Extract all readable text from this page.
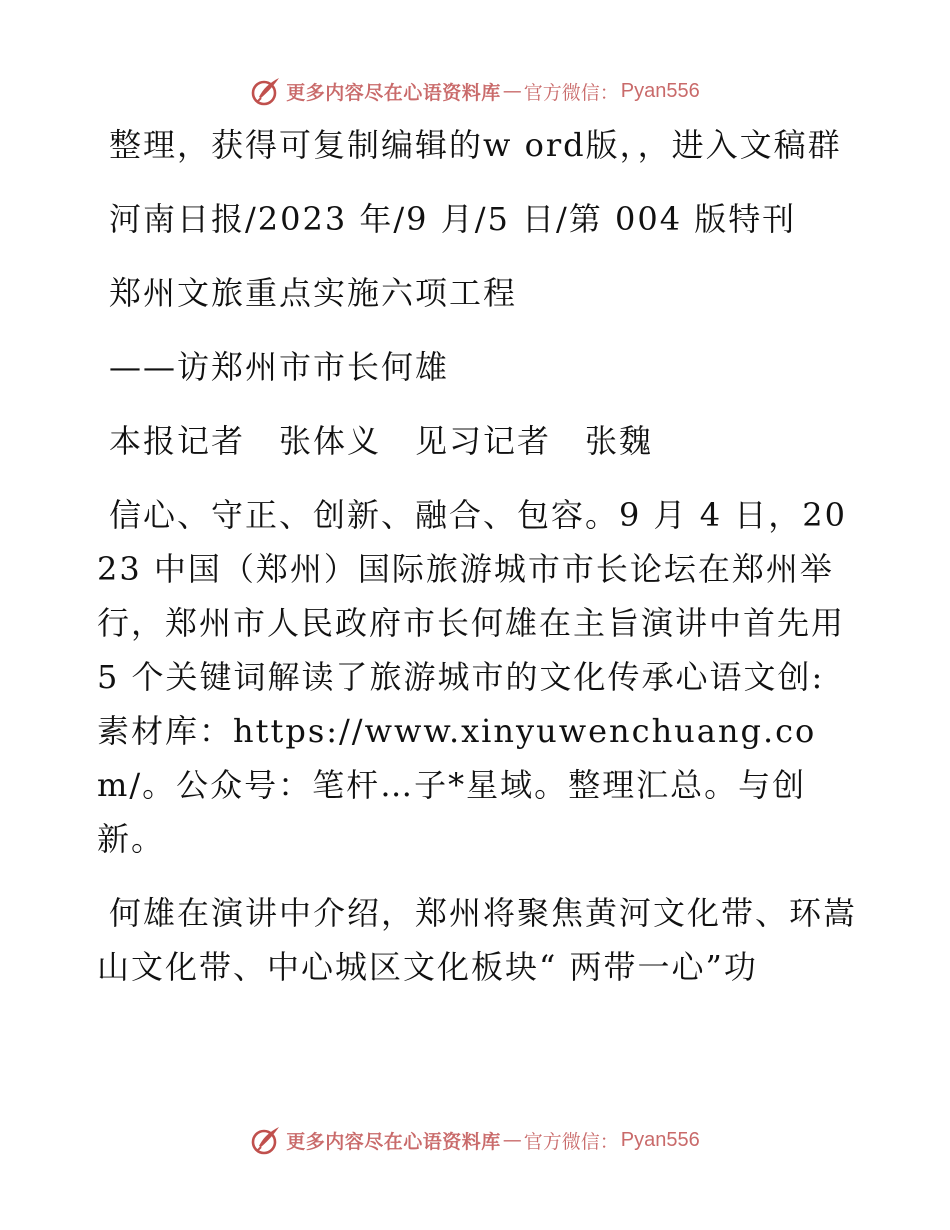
更多内容尽在心语资料库 — 官方微信： Pyan556

整理，获得可复制编辑的w ord版，，进入文稿群

河南日报/2023 年/9 月/5 日/第 004 版特刊

郑州文旅重点实施六项工程

——访郑州市市长何雄

本报记者　张体义　见习记者　张魏

信心、守正、创新、融合、包容。9 月 4 日，2023 中国（郑州）国际旅游城市市长论坛在郑州举行，郑州市人民政府市长何雄在主旨演讲中首先用 5 个关键词解读了旅游城市的文化传承心语文创:素材库：https://www.xinyuwenchuang.com/。公众号：笔杆…子*星域。整理汇总。与创新。

何雄在演讲中介绍，郑州将聚焦黄河文化带、环嵩山文化带、中心城区文化板块“ 两带一心”功

更多内容尽在心语资料库 — 官方微信： Pyan556
